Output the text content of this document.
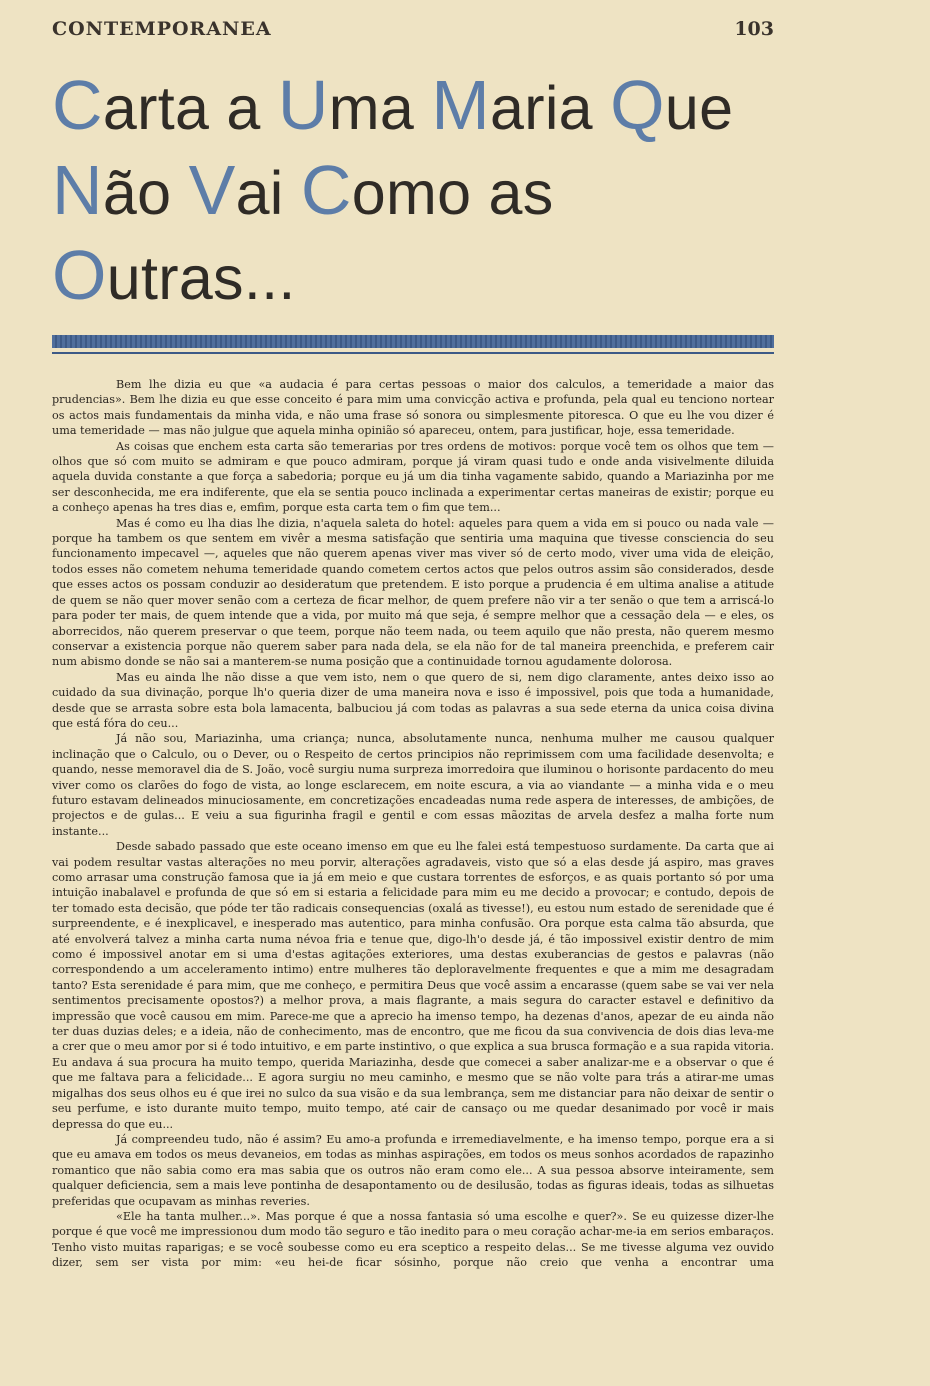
CONTEMPORANEA	103
Carta a Uma Maria Que
Não Vai Como as Outras...

Bem lhe dizia eu que «a audacia é para certas pessoas o maior dos calculos, a temeridade a maior das prudencias». Bem lhe dizia eu que esse conceito é para mim uma convicção activa e profunda, pela qual eu tenciono nortear os actos mais fundamentais da minha vida, e não uma frase só sonora ou simplesmente pitoresca. O que eu lhe vou dizer é uma temeridade — mas não julgue que aquela minha opinião só apareceu, ontem, para justificar, hoje, essa temeridade.

As coisas que enchem esta carta são temerarias por tres ordens de motivos: porque você tem os olhos que tem — olhos que só com muito se admiram e que pouco admiram, porque já viram quasi tudo e onde anda visivelmente diluida aquela duvida constante a que força a sabedoria; porque eu já um dia tinha vagamente sabido, quando a Mariazinha por me ser desconhecida, me era indiferente, que ela se sentia pouco inclinada a experimentar certas maneiras de existir; porque eu a conheço apenas ha tres dias e, emfim, porque esta carta tem o fim que tem...

Mas é como eu lha dias lhe dizia, n'aquela saleta do hotel: aqueles para quem a vida em si pouco ou nada vale — porque ha tambem os que sentem em vivêr a mesma satisfação que sentiria uma maquina que tivesse consciencia do seu funcionamento impecavel —, aqueles que não querem apenas viver mas viver só de certo modo, viver uma vida de eleição, todos esses não cometem nehuma temeridade quando cometem certos actos que pelos outros assim são considerados, desde que esses actos os possam conduzir ao desideratum que pretendem. E isto porque a prudencia é em ultima analise a atitude de quem se não quer mover senão com a certeza de ficar melhor, de quem prefere não vir a ter senão o que tem a arriscá-lo para poder ter mais, de quem intende que a vida, por muito má que seja, é sempre melhor que a cessação dela — e eles, os aborrecidos, não querem preservar o que teem, porque não teem nada, ou teem aquilo que não presta, não querem mesmo conservar a existencia porque não querem saber para nada dela, se ela não for de tal maneira preenchida, e preferem cair num abismo donde se não sai a manterem-se numa posição que a continuidade tornou agudamente dolorosa.

Mas eu ainda lhe não disse a que vem isto, nem o que quero de si, nem digo claramente, antes deixo isso ao cuidado da sua divinação, porque lh'o queria dizer de uma maneira nova e isso é impossivel, pois que toda a humanidade, desde que se arrasta sobre esta bola lamacenta, balbuciou já com todas as palavras a sua sede eterna da unica coisa divina que está fóra do ceu...

Já não sou, Mariazinha, uma criança; nunca, absolutamente nunca, nenhuma mulher me causou qualquer inclinação que o Calculo, ou o Dever, ou o Respeito de certos principios não reprimissem com uma facilidade desenvolta; e quando, nesse memoravel dia de S. João, você surgiu numa surpreza imorredoira que iluminou o horisonte pardacento do meu viver como os clarões do fogo de vista, ao longe esclarecem, em noite escura, a via ao viandante — a minha vida e o meu futuro estavam delineados minuciosamente, em concretizações encadeadas numa rede aspera de interesses, de ambições, de projectos e de gulas... E veiu a sua figurinha fragil e gentil e com essas mãozitas de arvela desfez a malha forte num instante...

Desde sabado passado que este oceano imenso em que eu lhe falei está tempestuoso surdamente. Da carta que ai vai podem resultar vastas alterações no meu porvir, alterações agradaveis, visto que só a elas desde já aspiro, mas graves como arrasar uma construção famosa que ia já em meio e que custara torrentes de esforços, e as quais portanto só por uma intuição inabalavel e profunda de que só em si estaria a felicidade para mim eu me decido a provocar; e contudo, depois de ter tomado esta decisão, que póde ter tão radicais consequencias (oxalá as tivesse!), eu estou num estado de serenidade que é surpreendente, e é inexplicavel, e inesperado mas autentico, para minha confusão. Ora porque esta calma tão absurda, que até envolverá talvez a minha carta numa névoa fria e tenue que, digo-lh'o desde já, é tão impossivel existir dentro de mim como é impossivel anotar em si uma d'estas agitações exteriores, uma destas exuberancias de gestos e palavras (não correspondendo a um acceleramento intimo) entre mulheres tão deploravelmente frequentes e que a mim me desagradam tanto? Esta serenidade é para mim, que me conheço, e permitira Deus que você assim a encarasse (quem sabe se vai ver nela sentimentos precisamente opostos?) a melhor prova, a mais flagrante, a mais segura do caracter estavel e definitivo da impressão que você causou em mim. Parece-me que a aprecio ha imenso tempo, ha dezenas d'anos, apezar de eu ainda não ter duas duzias deles; e a ideia, não de conhecimento, mas de encontro, que me ficou da sua convivencia de dois dias leva-me a crer que o meu amor por si é todo intuitivo, e em parte instintivo, o que explica a sua brusca formação e a sua rapida vitoria. Eu andava á sua procura ha muito tempo, querida Mariazinha, desde que comecei a saber analizar-me e a observar o que é que me faltava para a felicidade... E agora surgiu no meu caminho, e mesmo que se não volte para trás a atirar-me umas migalhas dos seus olhos eu é que irei no sulco da sua visão e da sua lembrança, sem me distanciar para não deixar de sentir o seu perfume, e isto durante muito tempo, muito tempo, até cair de cansaço ou me quedar desanimado por você ir mais depressa do que eu...

Já compreendeu tudo, não é assim? Eu amo-a profunda e irremediavelmente, e ha imenso tempo, porque era a si que eu amava em todos os meus devaneios, em todas as minhas aspirações, em todos os meus sonhos acordados de rapazinho romantico que não sabia como era mas sabia que os outros não eram como ele... A sua pessoa absorve inteiramente, sem qualquer deficiencia, sem a mais leve pontinha de desapontamento ou de desilusão, todas as figuras ideais, todas as silhuetas preferidas que ocupavam as minhas reveries.

«Ele ha tanta mulher...». Mas porque é que a nossa fantasia só uma escolhe e quer?». Se eu quizesse dizer-lhe porque é que você me impressionou dum modo tão seguro e tão inedito para o meu coração achar-me-ia em serios embaraços. Tenho visto muitas raparigas; e se você soubesse como eu era sceptico a respeito delas... Se me tivesse alguma vez ouvido dizer, sem ser vista por mim: «eu hei-de ficar sósinho, porque não creio que venha a encontrar uma
